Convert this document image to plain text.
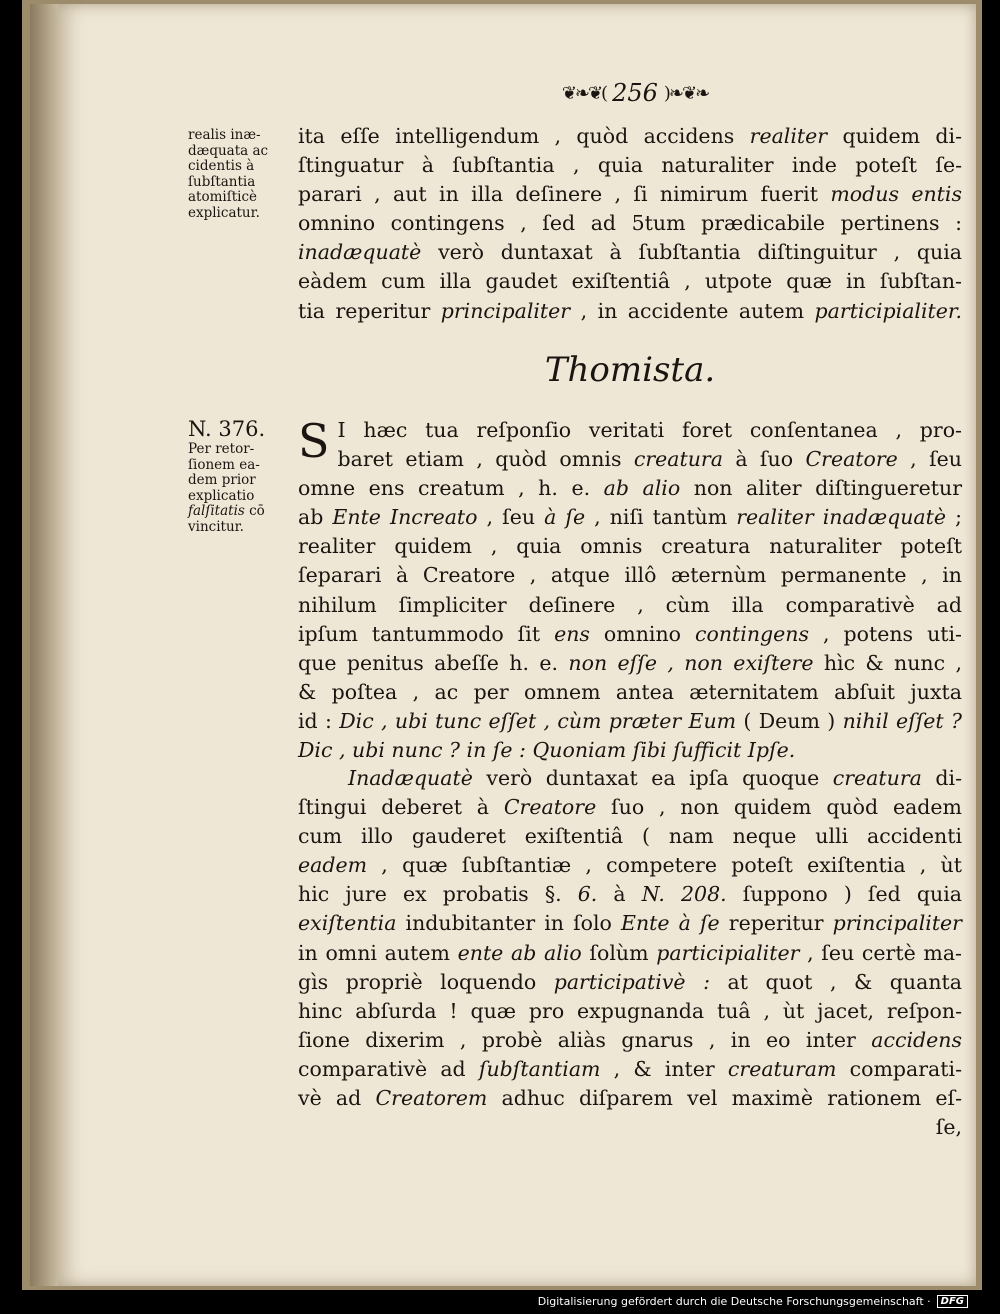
❦❧❦( 256 )❧❦❧
realis inæ-
dæquata ac
cidentis à
ſubſtantia
atomiſticè
explicatur.
N. 376.
Per retor-
ſionem ea-
dem prior
explicatio
falſitatis cō
vincitur.
ita eſſe intelligendum , quòd accidens realiter quidem di-
ſtinguatur à ſubſtantia , quia naturaliter inde poteſt ſe-
parari , aut in illa deſinere , ſi nimirum fuerit modus entis
omnino contingens , ſed ad 5tum prædicabile pertinens :
inadæquatè verò duntaxat à ſubſtantia diſtinguitur , quia
eàdem cum illa gaudet exiſtentiâ , utpote quæ in ſubſtan-
tia reperitur principaliter , in accidente autem participialiter.
Thomista.
S I hæc tua reſponſio veritati foret conſentanea , pro-
baret etiam , quòd omnis creatura à ſuo Creatore , ſeu
omne ens creatum , h. e. ab alio non aliter diſtingueretur
ab Ente Increato , ſeu à ſe , niſi tantùm realiter inadæquatè ;
realiter quidem , quia omnis creatura naturaliter poteſt
ſeparari à Creatore , atque illô æternùm permanente , in
nihilum ſimpliciter deſinere , cùm illa comparativè ad
ipſum tantummodo ſit ens omnino contingens , potens uti-
que penitus abeſſe h. e. non eſſe , non exiſtere hìc & nunc ,
& poſtea , ac per omnem antea æternitatem abſuit juxta
id : Dic , ubi tunc eſſet , cùm præter Eum ( Deum ) nihil eſſet ?
Dic , ubi nunc ? in ſe : Quoniam ſibi ſufficit Ipſe.
Inadæquatè verò duntaxat ea ipſa quoque creatura di-
ſtingui deberet à Creatore ſuo , non quidem quòd eadem
cum illo gauderet exiſtentiâ ( nam neque ulli accidenti
eadem , quæ ſubſtantiæ , competere poteſt exiſtentia , ùt
hic jure ex probatis §. 6. à N. 208. ſuppono ) ſed quia
exiſtentia indubitanter in ſolo Ente à ſe reperitur principaliter
in omni autem ente ab alio ſolùm participialiter , ſeu certè ma-
gìs propriè loquendo participativè : at quot , & quanta
hinc abſurda ! quæ pro expugnanda tuâ , ùt jacet, reſpon-
ſione dixerim , probè aliàs gnarus , in eo inter accidens
comparativè ad ſubſtantiam , & inter creaturam comparati-
vè ad Creatorem adhuc diſparem vel maximè rationem eſ-
ſe,
Digitalisierung gefördert durch die Deutsche Forschungsgemeinschaft ·	DFG
